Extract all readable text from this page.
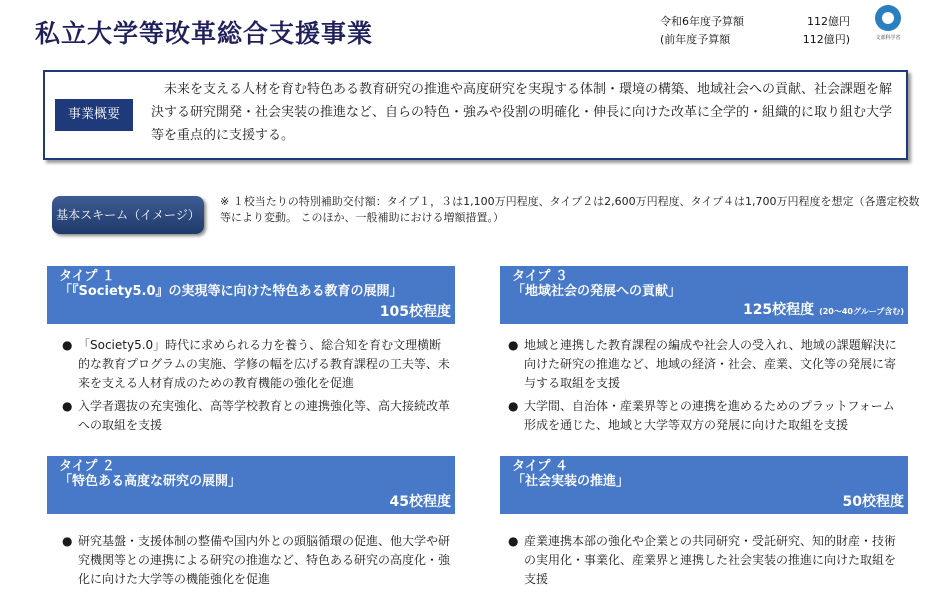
私立大学等改革総合支援事業	令和6年度予算額	112億円
(前年度予算額	112億円)	文部科学省
事業概要
　未来を支える人材を育む特色ある教育研究の推進や高度研究を実現する体制・環境の構築、地域社会への貢献、社会課題を解決する研究開発・社会実装の推進など、自らの特色・強みや役割の明確化・伸長に向けた改革に全学的・組織的に取り組む大学等を重点的に支援する。
基本スキーム（イメージ）
※ １校当たりの特別補助交付額：タイプ１，３は1,100万円程度、タイプ２は2,600万円程度、タイプ４は1,700万円程度を想定（各選定校数等により変動。 このほか、一般補助における増額措置。）
タイプ １
「『Society5.0』の実現等に向けた特色ある教育の展開」
105校程度
● 「Society5.0」時代に求められる力を養う、総合知を育む文理横断的な教育プログラムの実施、学修の幅を広げる教育課程の工夫等、未来を支える人材育成のための教育機能の強化を促進
● 入学者選抜の充実強化、高等学校教育との連携強化等、高大接続改革への取組を支援
タイプ ２
「特色ある高度な研究の展開」
45校程度
● 研究基盤・支援体制の整備や国内外との頭脳循環の促進、他大学や研究機関等との連携による研究の推進など、特色ある研究の高度化・強化に向けた大学等の機能強化を促進
タイプ ３
「地域社会の発展への貢献」
125校程度 (20～40グループ含む)
● 地域と連携した教育課程の編成や社会人の受入れ、地域の課題解決に向けた研究の推進など、地域の経済・社会、産業、文化等の発展に寄与する取組を支援
● 大学間、自治体・産業界等との連携を進めるためのプラットフォーム形成を通じた、地域と大学等双方の発展に向けた取組を支援
タイプ ４
「社会実装の推進」
50校程度
● 産業連携本部の強化や企業との共同研究・受託研究、知的財産・技術の実用化・事業化、産業界と連携した社会実装の推進に向けた取組を支援
